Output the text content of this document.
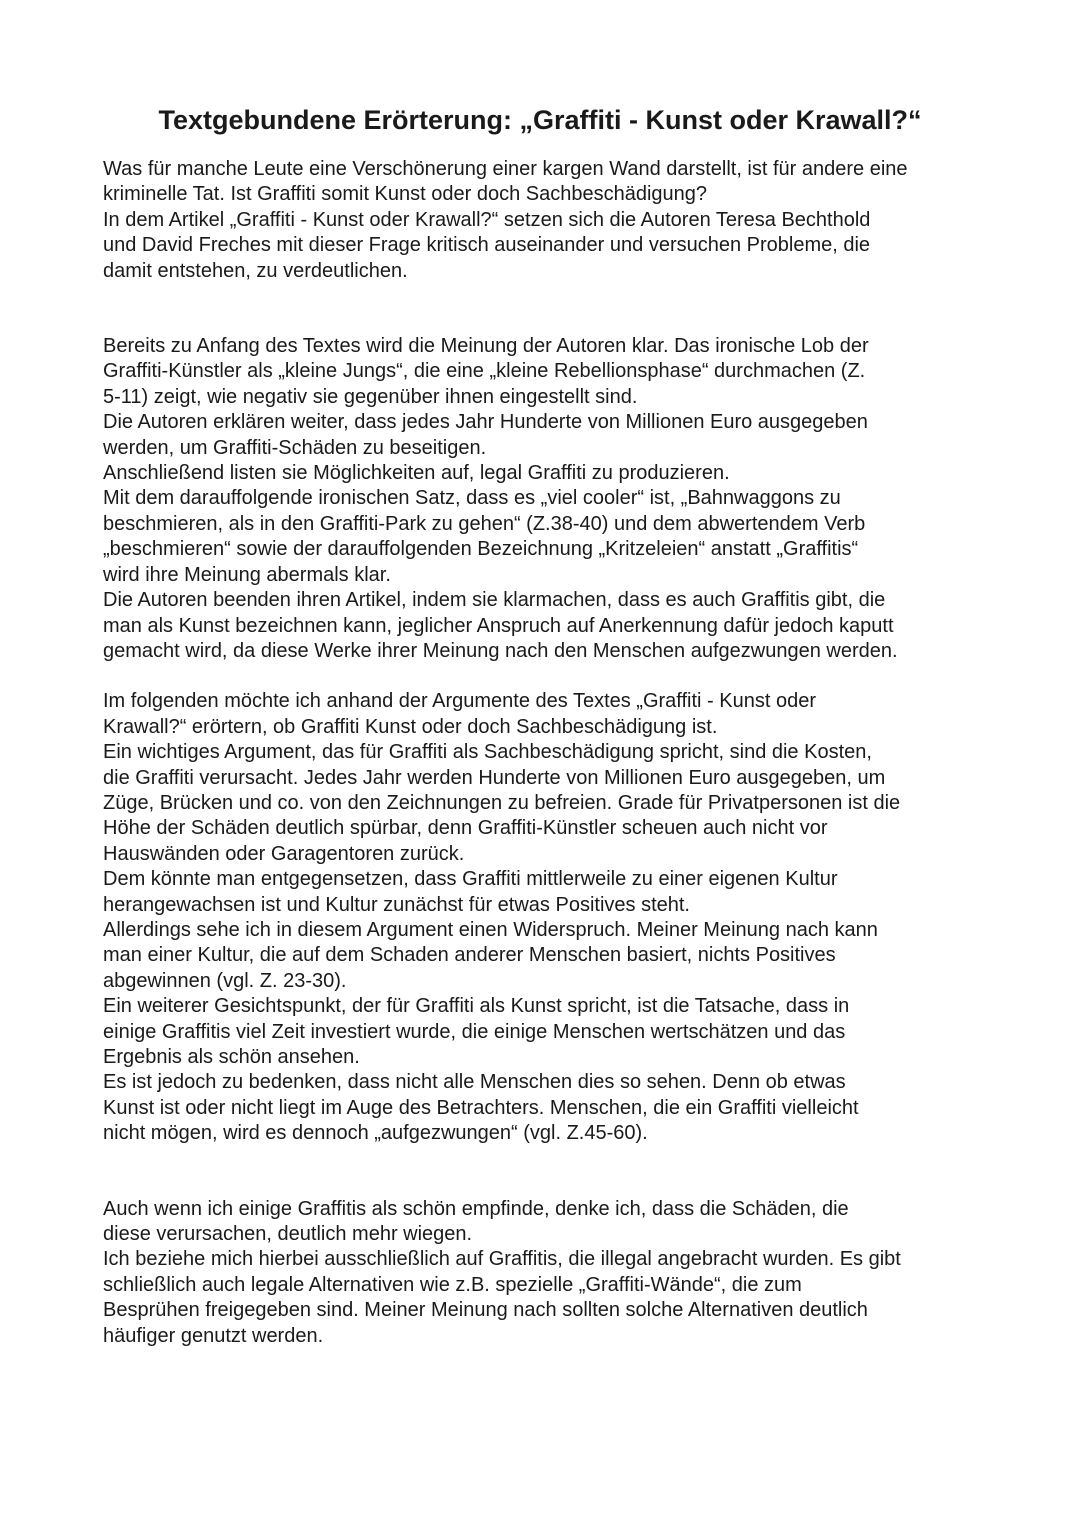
Textgebundene Erörterung: „Graffiti - Kunst oder Krawall?“

Was für manche Leute eine Verschönerung einer kargen Wand darstellt, ist für andere eine
kriminelle Tat. Ist Graffiti somit Kunst oder doch Sachbeschädigung?
In dem Artikel „Graffiti - Kunst oder Krawall?“ setzen sich die Autoren Teresa Bechthold
und David Freches mit dieser Frage kritisch auseinander und versuchen Probleme, die
damit entstehen, zu verdeutlichen.

Bereits zu Anfang des Textes wird die Meinung der Autoren klar. Das ironische Lob der
Graffiti-Künstler als „kleine Jungs“, die eine „kleine Rebellionsphase“ durchmachen (Z.
5-11) zeigt, wie negativ sie gegenüber ihnen eingestellt sind.
Die Autoren erklären weiter, dass jedes Jahr Hunderte von Millionen Euro ausgegeben
werden, um Graffiti-Schäden zu beseitigen.
Anschließend listen sie Möglichkeiten auf, legal Graffiti zu produzieren.
Mit dem darauffolgende ironischen Satz, dass es „viel cooler“ ist, „Bahnwaggons zu
beschmieren, als in den Graffiti-Park zu gehen“ (Z.38-40) und dem abwertendem Verb
„beschmieren“ sowie der darauffolgenden Bezeichnung „Kritzeleien“ anstatt „Graffitis“
wird ihre Meinung abermals klar.
Die Autoren beenden ihren Artikel, indem sie klarmachen, dass es auch Graffitis gibt, die
man als Kunst bezeichnen kann, jeglicher Anspruch auf Anerkennung dafür jedoch kaputt
gemacht wird, da diese Werke ihrer Meinung nach den Menschen aufgezwungen werden.

Im folgenden möchte ich anhand der Argumente des Textes „Graffiti - Kunst oder
Krawall?“ erörtern, ob Graffiti Kunst oder doch Sachbeschädigung ist.
Ein wichtiges Argument, das für Graffiti als Sachbeschädigung spricht, sind die Kosten,
die Graffiti verursacht. Jedes Jahr werden Hunderte von Millionen Euro ausgegeben, um
Züge, Brücken und co. von den Zeichnungen zu befreien. Grade für Privatpersonen ist die
Höhe der Schäden deutlich spürbar, denn Graffiti-Künstler scheuen auch nicht vor
Hauswänden oder Garagentoren zurück.
Dem könnte man entgegensetzen, dass Graffiti mittlerweile zu einer eigenen Kultur
herangewachsen ist und Kultur zunächst für etwas Positives steht.
Allerdings sehe ich in diesem Argument einen Widerspruch. Meiner Meinung nach kann
man einer Kultur, die auf dem Schaden anderer Menschen basiert, nichts Positives
abgewinnen (vgl. Z. 23-30).
Ein weiterer Gesichtspunkt, der für Graffiti als Kunst spricht, ist die Tatsache, dass in
einige Graffitis viel Zeit investiert wurde, die einige Menschen wertschätzen und das
Ergebnis als schön ansehen.
Es ist jedoch zu bedenken, dass nicht alle Menschen dies so sehen. Denn ob etwas
Kunst ist oder nicht liegt im Auge des Betrachters. Menschen, die ein Graffiti vielleicht
nicht mögen, wird es dennoch „aufgezwungen“ (vgl. Z.45-60).

Auch wenn ich einige Graffitis als schön empfinde, denke ich, dass die Schäden, die
diese verursachen, deutlich mehr wiegen.
Ich beziehe mich hierbei ausschließlich auf Graffitis, die illegal angebracht wurden. Es gibt
schließlich auch legale Alternativen wie z.B. spezielle „Graffiti-Wände“, die zum
Besprühen freigegeben sind. Meiner Meinung nach sollten solche Alternativen deutlich
häufiger genutzt werden.
